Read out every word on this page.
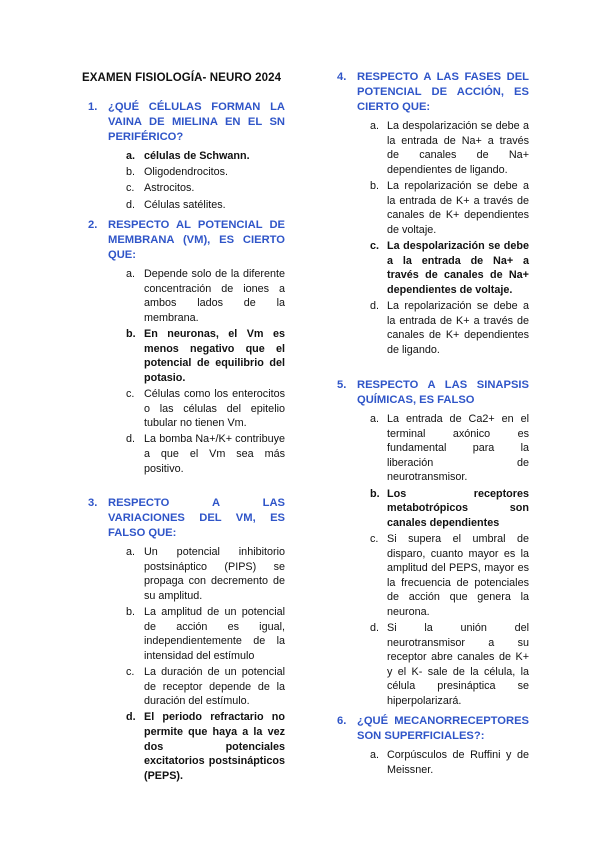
EXAMEN FISIOLOGÍA- NEURO 2024
1. ¿QUÉ CÉLULAS FORMAN LA VAINA DE MIELINA EN EL SN PERIFÉRICO?
a. células de Schwann.
b. Oligodendrocitos.
c. Astrocitos.
d. Células satélites.
2. RESPECTO AL POTENCIAL DE MEMBRANA (VM), ES CIERTO QUE:
a. Depende solo de la diferente concentración de iones a ambos lados de la membrana.
b. En neuronas, el Vm es menos negativo que el potencial de equilibrio del potasio.
c. Células como los enterocitos o las células del epitelio tubular no tienen Vm.
d. La bomba Na+/K+ contribuye a que el Vm sea más positivo.
3. RESPECTO A LAS VARIACIONES DEL VM, ES FALSO QUE:
a. Un potencial inhibitorio postsináptico (PIPS) se propaga con decremento de su amplitud.
b. La amplitud de un potencial de acción es igual, independientemente de la intensidad del estímulo
c. La duración de un potencial de receptor depende de la duración del estímulo.
d. El periodo refractario no permite que haya a la vez dos potenciales excitatorios postsinápticos (PEPS).
4. RESPECTO A LAS FASES DEL POTENCIAL DE ACCIÓN, ES CIERTO QUE:
a. La despolarización se debe a la entrada de Na+ a través de canales de Na+ dependientes de ligando.
b. La repolarización se debe a la entrada de K+ a través de canales de K+ dependientes de voltaje.
c. La despolarización se debe a la entrada de Na+ a través de canales de Na+ dependientes de voltaje.
d. La repolarización se debe a la entrada de K+ a través de canales de K+ dependientes de ligando.
5. RESPECTO A LAS SINAPSIS QUÍMICAS, ES FALSO
a. La entrada de Ca2+ en el terminal axónico es fundamental para la liberación de neurotransmisor.
b. Los receptores metabotrópicos son canales dependientes
c. Si supera el umbral de disparo, cuanto mayor es la amplitud del PEPS, mayor es la frecuencia de potenciales de acción que genera la neurona.
d. Si la unión del neurotransmisor a su receptor abre canales de K+ y el K- sale de la célula, la célula presináptica se hiperpolarizará.
6. ¿QUÉ MECANORRECEPTORES SON SUPERFICIALES?:
a. Corpúsculos de Ruffini y de Meissner.
